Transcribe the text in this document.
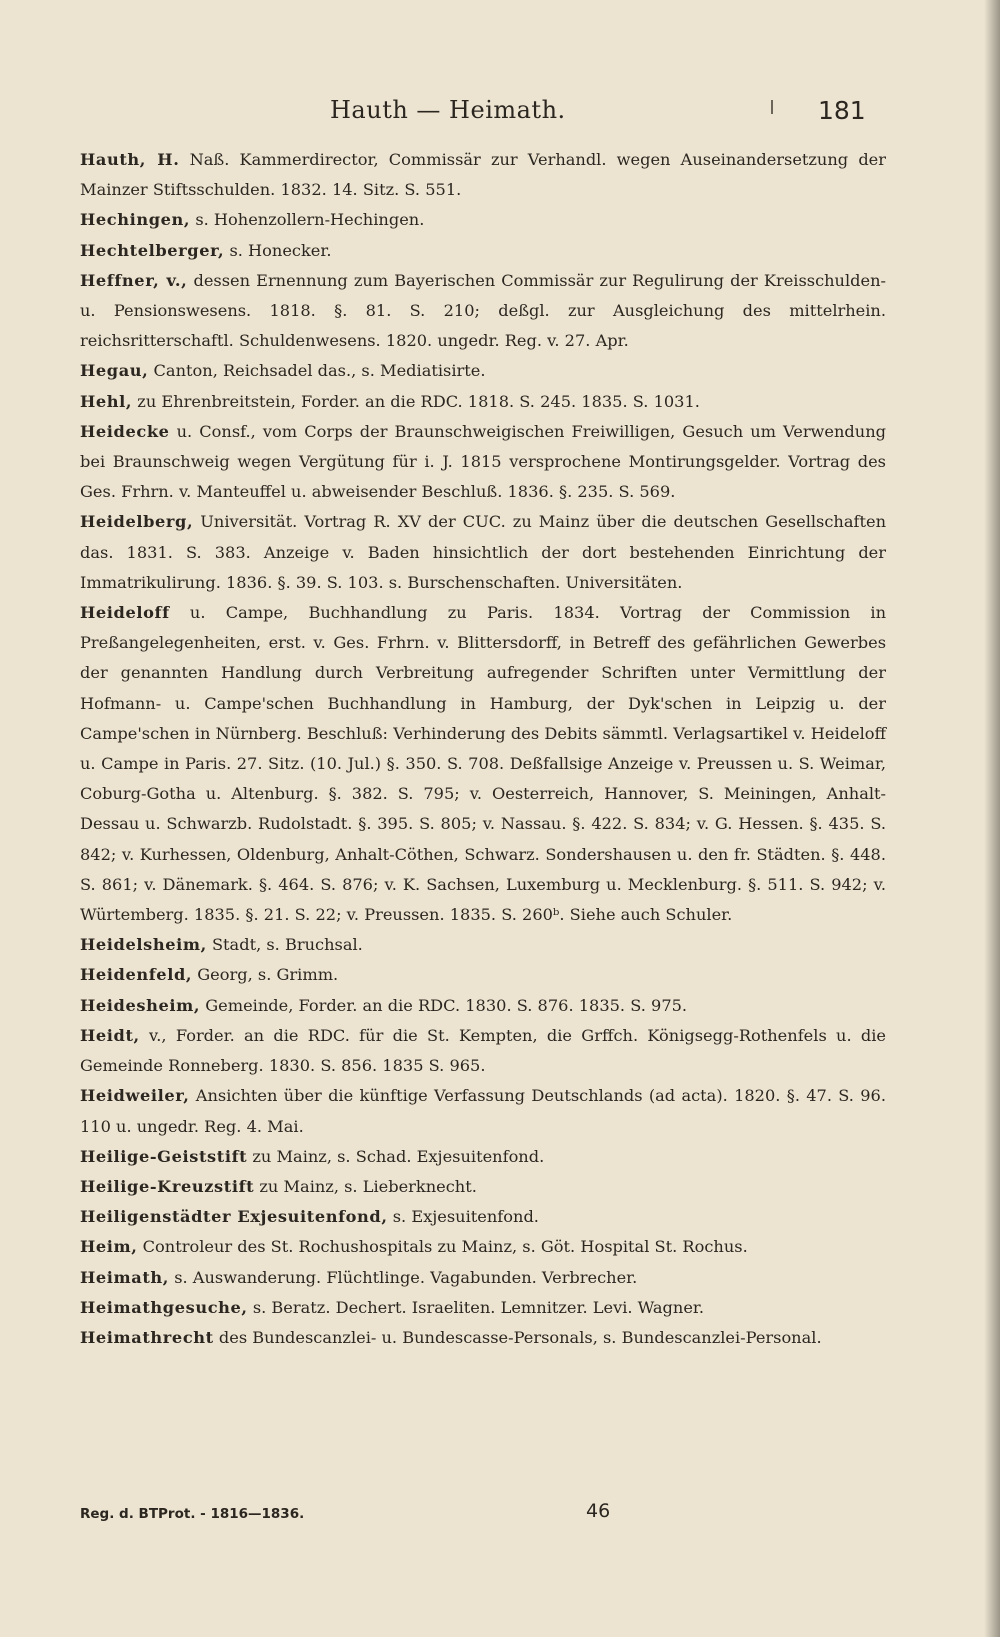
Hauth — Heimath.	181

Hauth, H. Naß. Kammerdirector, Commissär zur Verhandl. wegen Auseinandersetzung der Mainzer Stiftsschulden. 1832. 14. Sitz. S. 551.

Hechingen, s. Hohenzollern-Hechingen.

Hechtelberger, s. Honecker.

Heffner, v., dessen Ernennung zum Bayerischen Commissär zur Regulirung der Kreisschulden- u. Pensionswesens. 1818. §. 81. S. 210; deßgl. zur Ausgleichung des mittelrhein. reichsritterschaftl. Schuldenwesens. 1820. ungedr. Reg. v. 27. Apr.

Hegau, Canton, Reichsadel das., s. Mediatisirte.

Hehl, zu Ehrenbreitstein, Forder. an die RDC. 1818. S. 245. 1835. S. 1031.

Heidecke u. Consf., vom Corps der Braunschweigischen Freiwilligen, Gesuch um Verwendung bei Braunschweig wegen Vergütung für i. J. 1815 versprochene Montirungsgelder. Vortrag des Ges. Frhrn. v. Manteuffel u. abweisender Beschluß. 1836. §. 235. S. 569.

Heidelberg, Universität. Vortrag R. XV der CUC. zu Mainz über die deutschen Gesellschaften das. 1831. S. 383. Anzeige v. Baden hinsichtlich der dort bestehenden Einrichtung der Immatrikulirung. 1836. §. 39. S. 103. s. Burschenschaften. Universitäten.

Heideloff u. Campe, Buchhandlung zu Paris. 1834. Vortrag der Commission in Preßangelegenheiten, erst. v. Ges. Frhrn. v. Blittersdorff, in Betreff des gefährlichen Gewerbes der genannten Handlung durch Verbreitung aufregender Schriften unter Vermittlung der Hofmann- u. Campe'schen Buchhandlung in Hamburg, der Dyk'schen in Leipzig u. der Campe'schen in Nürnberg. Beschluß: Verhinderung des Debits sämmtl. Verlagsartikel v. Heideloff u. Campe in Paris. 27. Sitz. (10. Jul.) §. 350. S. 708. Deßfallsige Anzeige v. Preussen u. S. Weimar, Coburg-Gotha u. Altenburg. §. 382. S. 795; v. Oesterreich, Hannover, S. Meiningen, Anhalt-Dessau u. Schwarzb. Rudolstadt. §. 395. S. 805; v. Nassau. §. 422. S. 834; v. G. Hessen. §. 435. S. 842; v. Kurhessen, Oldenburg, Anhalt-Cöthen, Schwarz. Sondershausen u. den fr. Städten. §. 448. S. 861; v. Dänemark. §. 464. S. 876; v. K. Sachsen, Luxemburg u. Mecklenburg. §. 511. S. 942; v. Würtemberg. 1835. §. 21. S. 22; v. Preussen. 1835. S. 260ᵇ. Siehe auch Schuler.

Heidelsheim, Stadt, s. Bruchsal.

Heidenfeld, Georg, s. Grimm.

Heidesheim, Gemeinde, Forder. an die RDC. 1830. S. 876. 1835. S. 975.

Heidt, v., Forder. an die RDC. für die St. Kempten, die Grffch. Königsegg-Rothenfels u. die Gemeinde Ronneberg. 1830. S. 856. 1835 S. 965.

Heidweiler, Ansichten über die künftige Verfassung Deutschlands (ad acta). 1820. §. 47. S. 96. 110 u. ungedr. Reg. 4. Mai.

Heilige-Geiststift zu Mainz, s. Schad. Exjesuitenfond.

Heilige-Kreuzstift zu Mainz, s. Lieberknecht.

Heiligenstädter Exjesuitenfond, s. Exjesuitenfond.

Heim, Controleur des St. Rochushospitals zu Mainz, s. Göt. Hospital St. Rochus.

Heimath, s. Auswanderung. Flüchtlinge. Vagabunden. Verbrecher.

Heimathgesuche, s. Beratz. Dechert. Israeliten. Lemnitzer. Levi. Wagner.

Heimathrecht des Bundescanzlei- u. Bundescasse-Personals, s. Bundescanzlei-Personal.

Reg. d. BTProt. - 1816—1836.	46
